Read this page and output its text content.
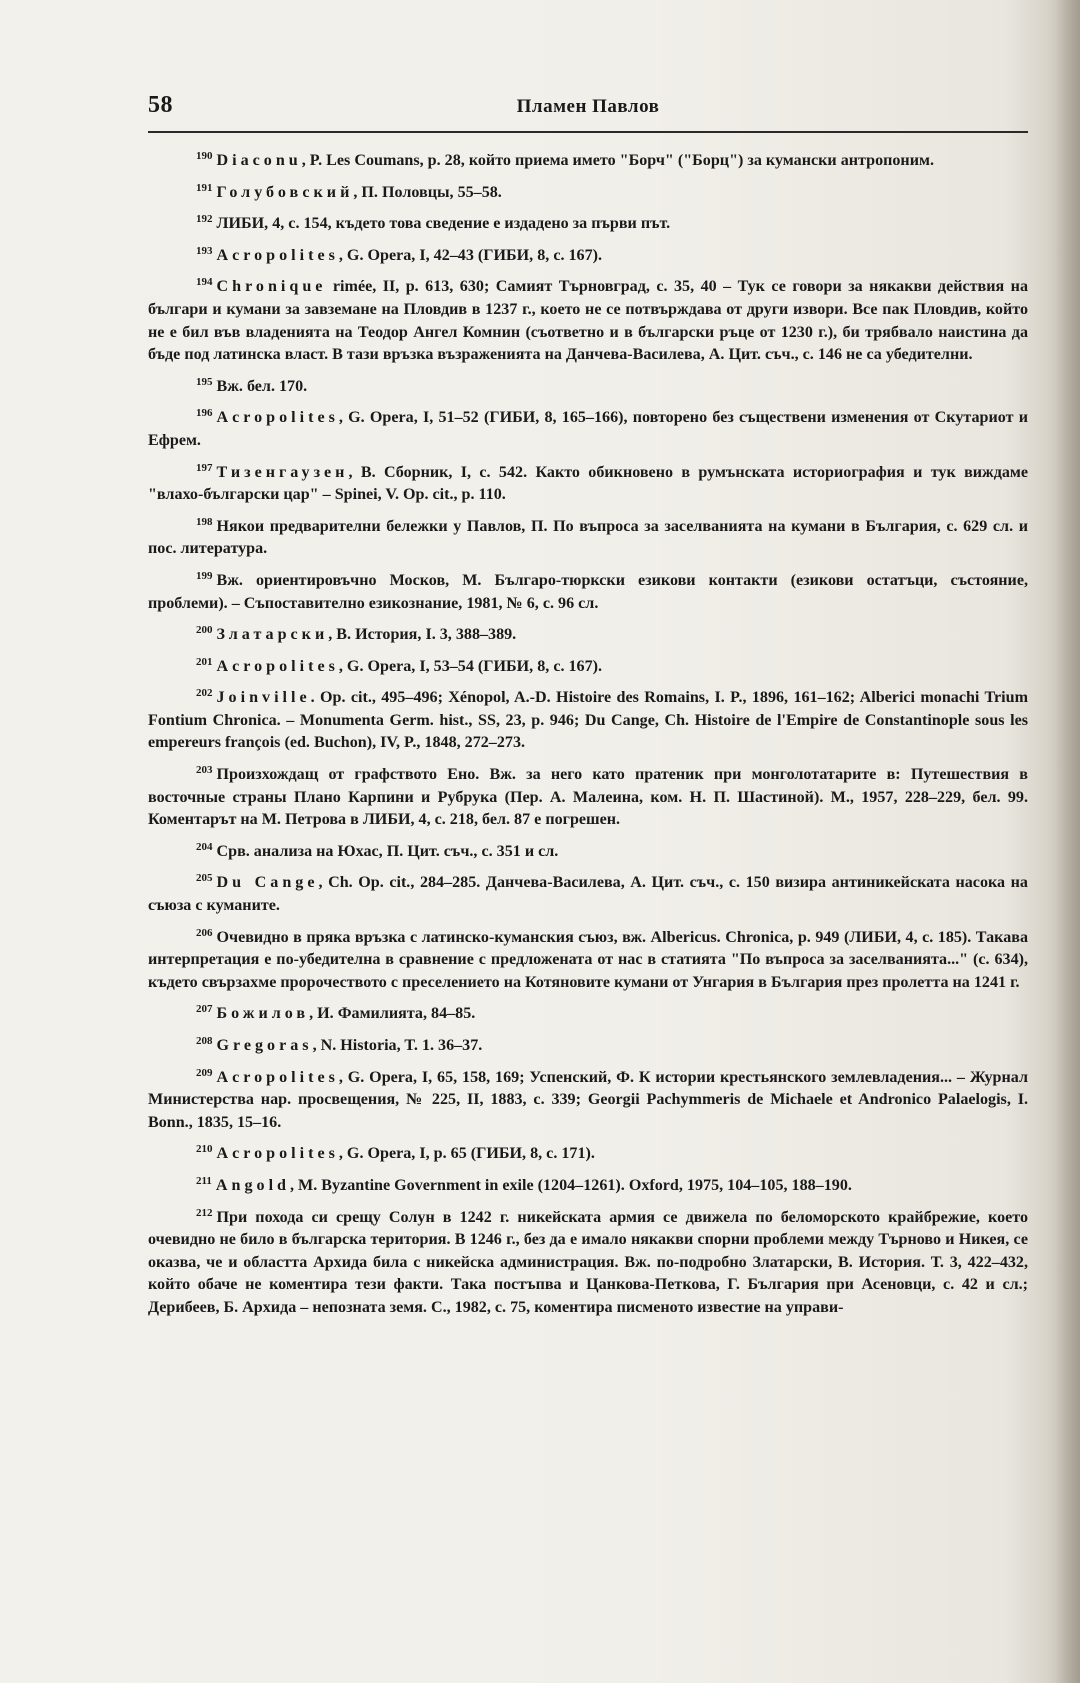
58	Пламен Павлов

190 Diaconu, P. Les Coumans, p. 28, който приема името "Борч" ("Борц") за кумански антропоним.

191 Голубовский, П. Половцы, 55–58.

192 ЛИБИ, 4, с. 154, където това сведение е издадено за първи път.

193 Acropolites, G. Opera, I, 42–43 (ГИБИ, 8, с. 167).

194 Chronique rimée, II, p. 613, 630; Самият Търновград, с. 35, 40 – Тук се говори за някакви действия на българи и кумани за завземане на Пловдив в 1237 г., което не се потвърждава от други извори. Все пак Пловдив, който не е бил във владенията на Теодор Ангел Комнин (съответно и в български ръце от 1230 г.), би трябвало наистина да бъде под латинска власт. В тази връзка възраженията на Данчева-Василева, А. Цит. съч., с. 146 не са убедителни.

195 Вж. бел. 170.

196 Acropolites, G. Opera, I, 51–52 (ГИБИ, 8, 165–166), повторено без съществени изменения от Скутариот и Ефрем.

197 Тизенгаузен, В. Сборник, I, с. 542. Както обикновено в румънската историография и тук виждаме "влахо-български цар" – Spinei, V. Op. cit., p. 110.

198 Някои предварителни бележки у Павлов, П. По въпроса за заселванията на кумани в България, с. 629 сл. и пос. литература.

199 Вж. ориентировъчно Москов, М. Българо-тюркски езикови контакти (езикови остатъци, състояние, проблеми). – Съпоставително езикознание, 1981, № 6, с. 96 сл.

200 Златарски, В. История, I. 3, 388–389.

201 Acropolites, G. Opera, I, 53–54 (ГИБИ, 8, с. 167).

202 Joinville. Op. cit., 495–496; Xénopol, A.-D. Histoire des Romains, I. P., 1896, 161–162; Alberici monachi Trium Fontium Chronica. – Monumenta Germ. hist., SS, 23, p. 946; Du Cange, Ch. Histoire de l'Empire de Constantinople sous les empereurs françois (ed. Buchon), IV, P., 1848, 272–273.

203 Произхождащ от графството Ено. Вж. за него като пратеник при монголотатарите в: Путешествия в восточные страны Плано Карпини и Рубрука (Пер. А. Малеина, ком. Н. П. Шастиной). М., 1957, 228–229, бел. 99. Коментарът на М. Петрова в ЛИБИ, 4, с. 218, бел. 87 е погрешен.

204 Срв. анализа на Юхас, П. Цит. съч., с. 351 и сл.

205 Du Cange, Ch. Op. cit., 284–285. Данчева-Василева, А. Цит. съч., с. 150 визира антиникейската насока на съюза с куманите.

206 Очевидно в пряка връзка с латинско-куманския съюз, вж. Albericus. Chronica, p. 949 (ЛИБИ, 4, с. 185). Такава интерпретация е по-убедителна в сравнение с предложената от нас в статията "По въпроса за заселванията..." (с. 634), където свързахме пророчеството с преселението на Котяновите кумани от Унгария в България през пролетта на 1241 г.

207 Божилов, И. Фамилията, 84–85.

208 Gregoras, N. Historia, T. 1. 36–37.

209 Acropolites, G. Opera, I, 65, 158, 169; Успенский, Ф. К истории крестьянского землевладения... – Журнал Министерства нар. просвещения, № 225, II, 1883, с. 339; Georgii Pachymmeris de Michaele et Andronico Palaelogis, I. Bonn., 1835, 15–16.

210 Acropolites, G. Opera, I, p. 65 (ГИБИ, 8, с. 171).

211 Angold, M. Byzantine Government in exile (1204–1261). Oxford, 1975, 104–105, 188–190.

212 При похода си срещу Солун в 1242 г. никейската армия се движела по беломорското крайбрежие, което очевидно не било в българска територия. В 1246 г., без да е имало някакви спорни проблеми между Търново и Никея, се оказва, че и областта Архида била с никейска администрация. Вж. по-подробно Златарски, В. История. Т. 3, 422–432, който обаче не коментира тези факти. Така постъпва и Цанкова-Петкова, Г. България при Асеновци, с. 42 и сл.; Дерибеев, Б. Архида – непозната земя. С., 1982, с. 75, коментира писменото известие на управи-
